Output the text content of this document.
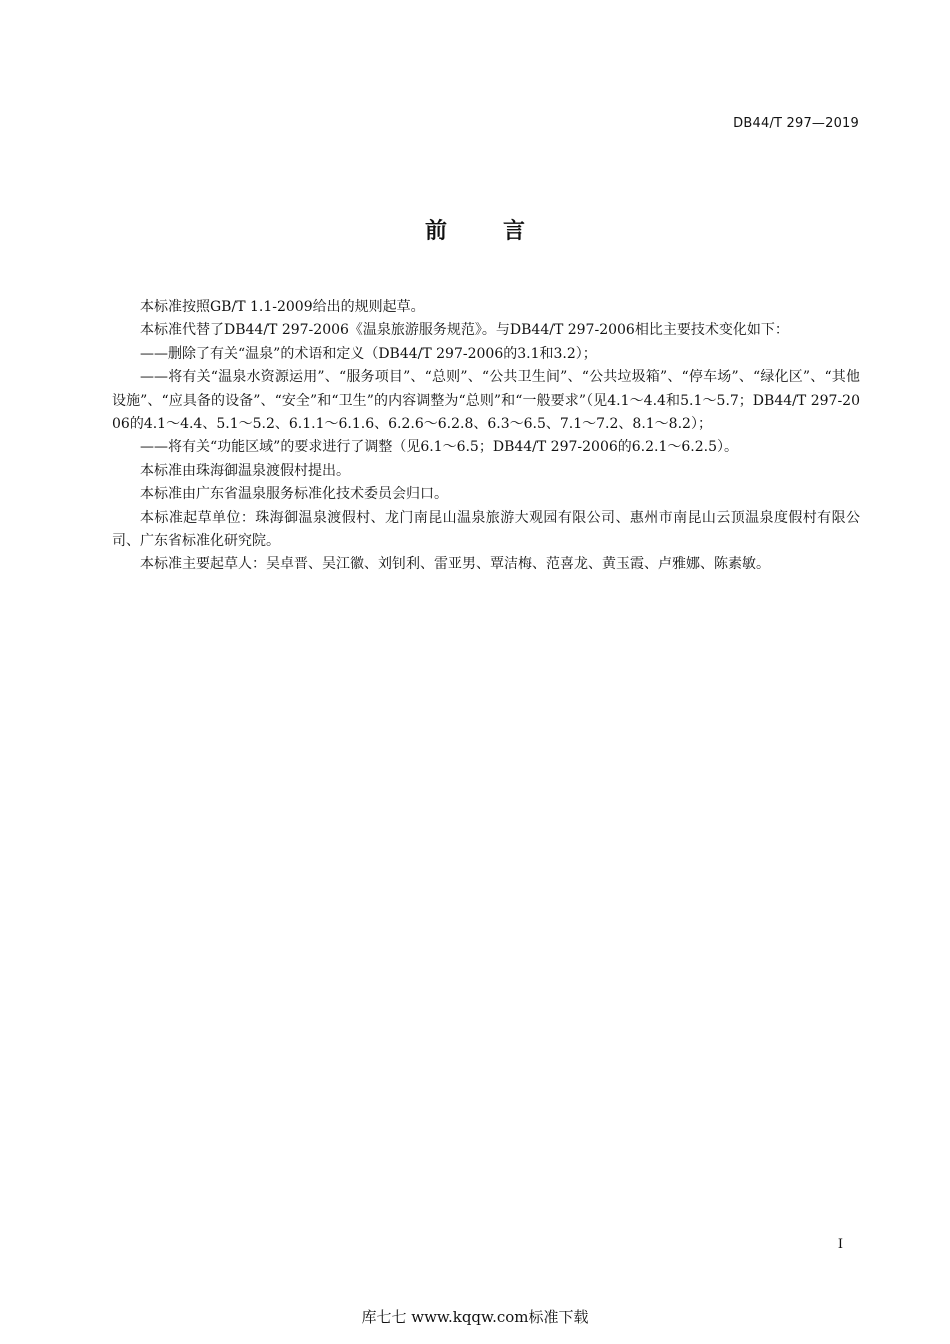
DB44/T 297—2019
前言

本标准按照GB/T 1.1-2009给出的规则起草。

本标准代替了DB44/T 297-2006《温泉旅游服务规范》。与DB44/T 297-2006相比主要技术变化如下：

——删除了有关“温泉”的术语和定义（DB44/T 297-2006的3.1和3.2）；

——将有关“温泉水资源运用”、“服务项目”、“总则”、“公共卫生间”、“公共垃圾箱”、“停车场”、“绿化区”、“其他设施”、“应具备的设备”、“安全”和“卫生”的内容调整为“总则”和“一般要求”（见4.1～4.4和5.1～5.7；DB44/T 297-2006的4.1～4.4、5.1～5.2、6.1.1～6.1.6、6.2.6～6.2.8、6.3～6.5、7.1～7.2、8.1～8.2）；

——将有关“功能区域”的要求进行了调整（见6.1～6.5；DB44/T 297-2006的6.2.1～6.2.5）。

本标准由珠海御温泉渡假村提出。

本标准由广东省温泉服务标准化技术委员会归口。

本标准起草单位：珠海御温泉渡假村、龙门南昆山温泉旅游大观园有限公司、惠州市南昆山云顶温泉度假村有限公司、广东省标准化研究院。

本标准主要起草人：吴卓晋、吴江徽、刘钊利、雷亚男、覃洁梅、范喜龙、黄玉霞、卢雅娜、陈素敏。

I
库七七 www.kqqw.com标准下载
